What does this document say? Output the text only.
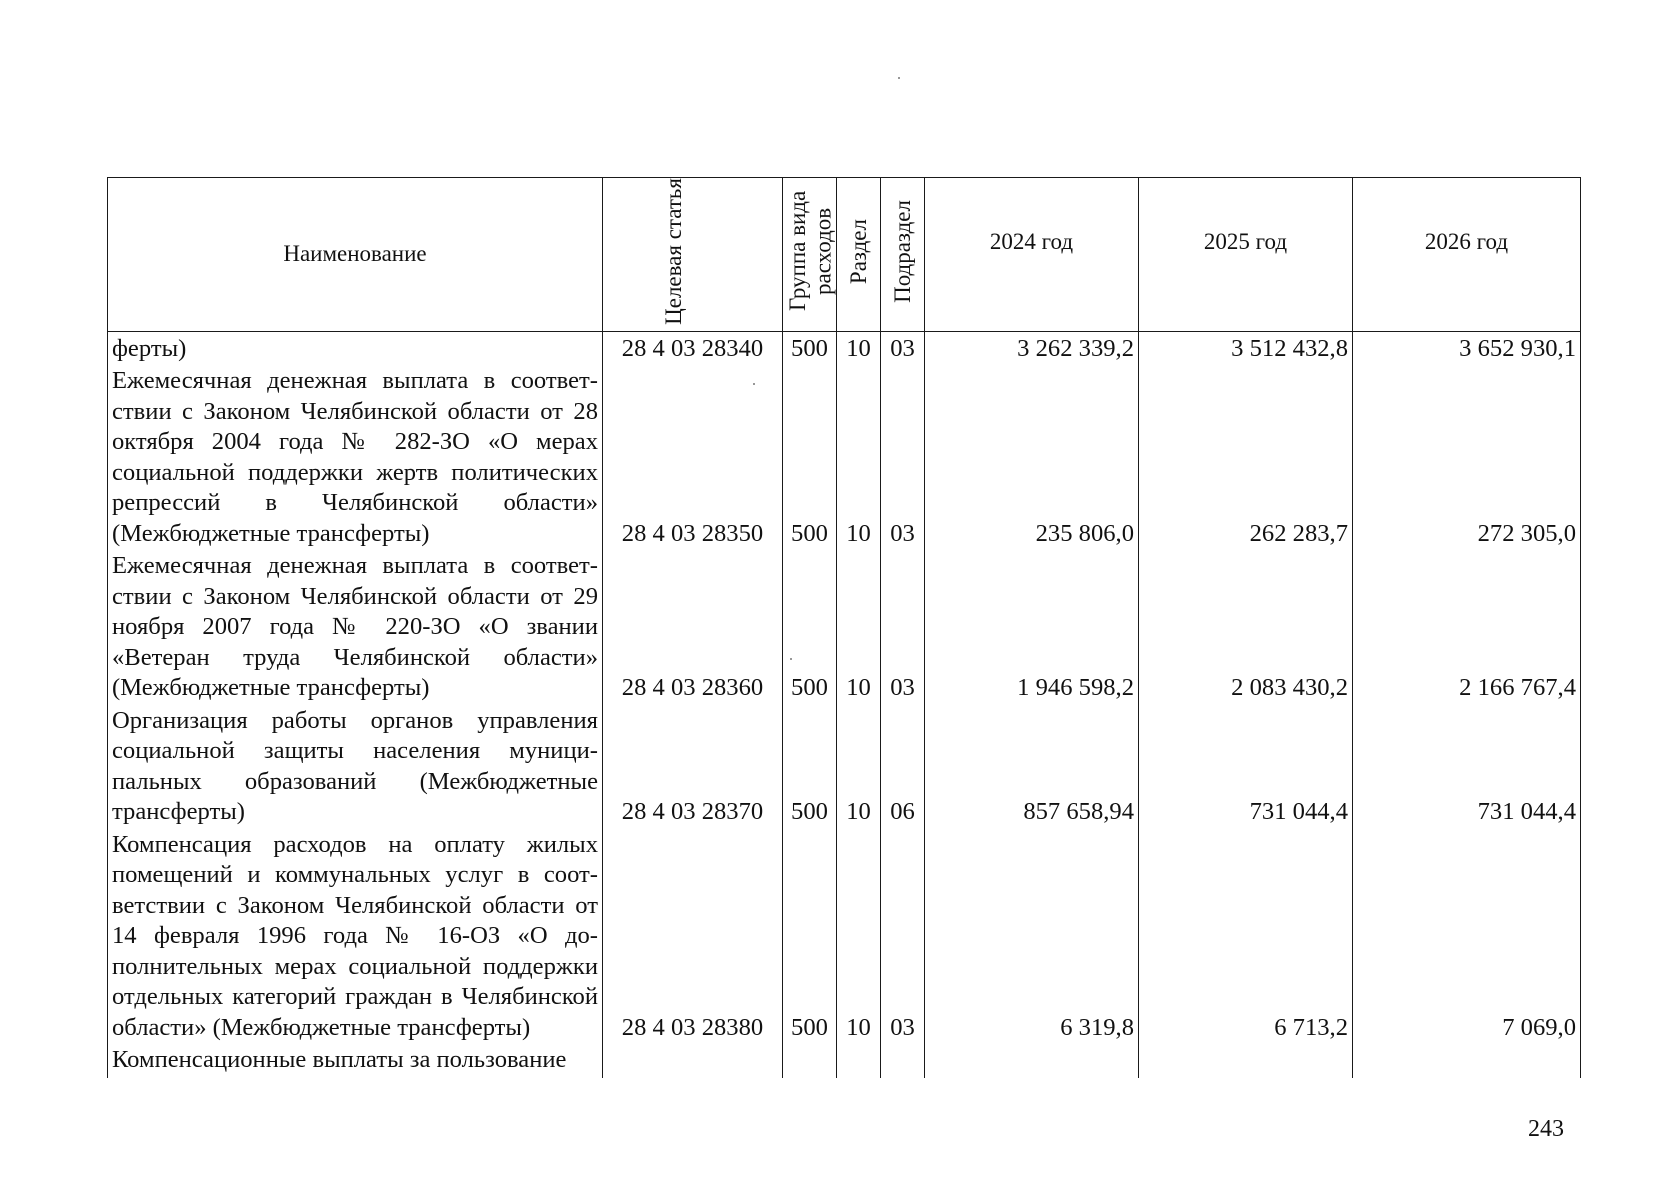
Наименование	Целевая статья	Группа вида расходов	Раздел	Подраздел	2024 год	2025 год	2026 год
ферты)	28 4 03 28340	500	10	03	3 262 339,2	3 512 432,8	3 652 930,1
Ежемесячная денежная выплата в соответствии с Законом Челябинской области от 28 октября 2004 года № 282-ЗО «О мерах социальной поддержки жертв политических репрессий в Челябинской области» (Межбюджетные трансферты)	28 4 03 28350	500	10	03	235 806,0	262 283,7	272 305,0
Ежемесячная денежная выплата в соответствии с Законом Челябинской области от 29 ноября 2007 года № 220-ЗО «О звании «Ветеран труда Челябинской области» (Межбюджетные трансферты)	28 4 03 28360	500	10	03	1 946 598,2	2 083 430,2	2 166 767,4
Организация работы органов управления социальной защиты населения муниципальных образований (Межбюджетные трансферты)	28 4 03 28370	500	10	06	857 658,94	731 044,4	731 044,4
Компенсация расходов на оплату жилых помещений и коммунальных услуг в соответствии с Законом Челябинской области от 14 февраля 1996 года № 16-ОЗ «О дополнительных мерах социальной поддержки отдельных категорий граждан в Челябинской области» (Межбюджетные трансферты)	28 4 03 28380	500	10	03	6 319,8	6 713,2	7 069,0
Компенсационные выплаты за пользование							
243
